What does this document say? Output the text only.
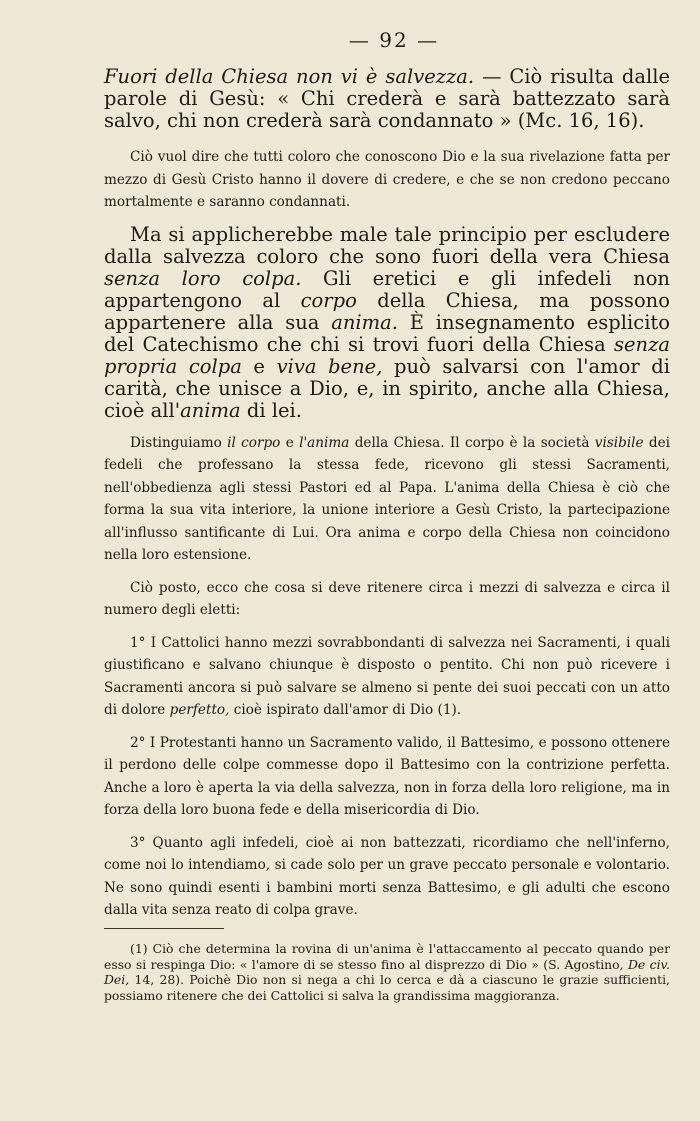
— 92 —

Fuori della Chiesa non vi è salvezza. — Ciò risulta dalle parole di Gesù: « Chi crederà e sarà battezzato sarà salvo, chi non crederà sarà condannato » (Mc. 16, 16).

Ciò vuol dire che tutti coloro che conoscono Dio e la sua rivelazione fatta per mezzo di Gesù Cristo hanno il dovere di credere, e che se non credono peccano mortalmente e saranno condannati.

Ma si applicherebbe male tale principio per escludere dalla salvezza coloro che sono fuori della vera Chiesa senza loro colpa. Gli eretici e gli infedeli non appartengono al corpo della Chiesa, ma possono appartenere alla sua anima. È insegnamento esplicito del Catechismo che chi si trovi fuori della Chiesa senza propria colpa e viva bene, può salvarsi con l'amor di carità, che unisce a Dio, e, in spirito, anche alla Chiesa, cioè all'anima di lei.

Distinguiamo il corpo e l'anima della Chiesa. Il corpo è la società visibile dei fedeli che professano la stessa fede, ricevono gli stessi Sacramenti, nell'obbedienza agli stessi Pastori ed al Papa. L'anima della Chiesa è ciò che forma la sua vita interiore, la unione interiore a Gesù Cristo, la partecipazione all'influsso santificante di Lui. Ora anima e corpo della Chiesa non coincidono nella loro estensione.

Ciò posto, ecco che cosa si deve ritenere circa i mezzi di salvezza e circa il numero degli eletti:

1° I Cattolici hanno mezzi sovrabbondanti di salvezza nei Sacramenti, i quali giustificano e salvano chiunque è disposto o pentito. Chi non può ricevere i Sacramenti ancora si può salvare se almeno si pente dei suoi peccati con un atto di dolore perfetto, cioè ispirato dall'amor di Dio (1).

2° I Protestanti hanno un Sacramento valido, il Battesimo, e possono ottenere il perdono delle colpe commesse dopo il Battesimo con la contrizione perfetta. Anche a loro è aperta la via della salvezza, non in forza della loro religione, ma in forza della loro buona fede e della misericordia di Dio.

3° Quanto agli infedeli, cioè ai non battezzati, ricordiamo che nell'inferno, come noi lo intendiamo, si cade solo per un grave peccato personale e volontario. Ne sono quindi esenti i bambini morti senza Battesimo, e gli adulti che escono dalla vita senza reato di colpa grave.

(1) Ciò che determina la rovina di un'anima è l'attaccamento al peccato quando per esso si respinga Dio: « l'amore di se stesso fino al disprezzo di Dio » (S. Agostino, De civ. Dei, 14, 28). Poichè Dio non si nega a chi lo cerca e dà a ciascuno le grazie sufficienti, possiamo ritenere che dei Cattolici si salva la grandissima maggioranza.
